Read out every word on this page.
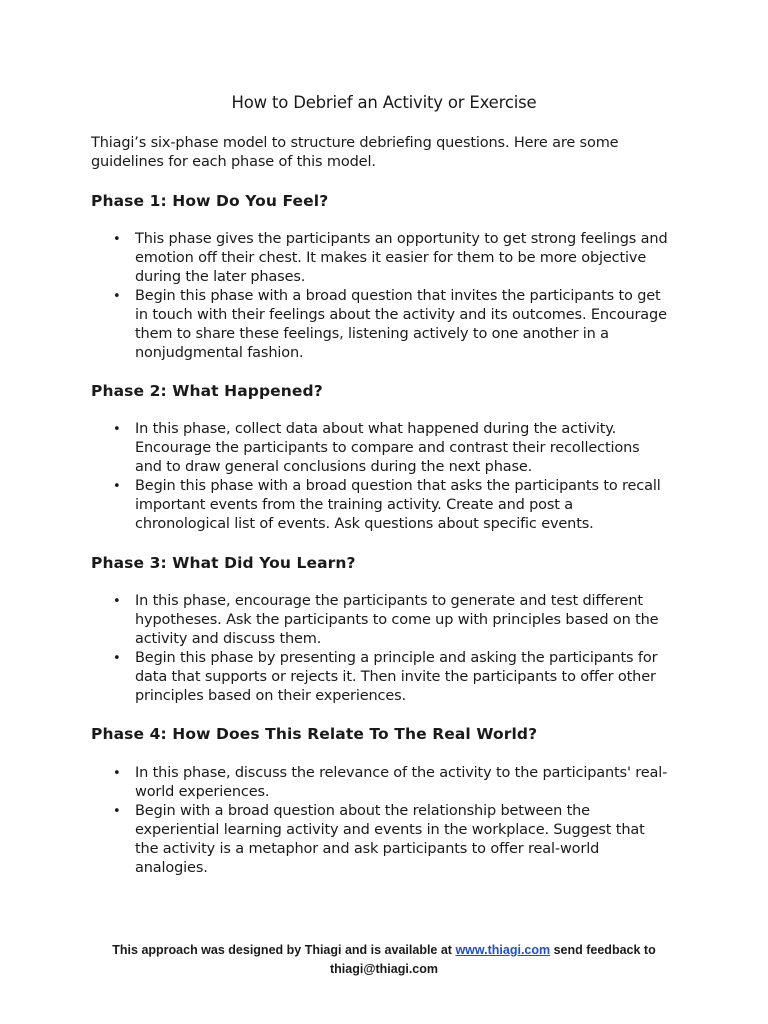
How to Debrief an Activity or Exercise
Thiagi’s six-phase model to structure debriefing questions. Here are some
guidelines for each phase of this model.
Phase 1: How Do You Feel?
• This phase gives the participants an opportunity to get strong feelings and
emotion off their chest. It makes it easier for them to be more objective
during the later phases.
• Begin this phase with a broad question that invites the participants to get
in touch with their feelings about the activity and its outcomes. Encourage
them to share these feelings, listening actively to one another in a
nonjudgmental fashion.
Phase 2: What Happened?
• In this phase, collect data about what happened during the activity.
Encourage the participants to compare and contrast their recollections
and to draw general conclusions during the next phase.
• Begin this phase with a broad question that asks the participants to recall
important events from the training activity. Create and post a
chronological list of events. Ask questions about specific events.
Phase 3: What Did You Learn?
• In this phase, encourage the participants to generate and test different
hypotheses. Ask the participants to come up with principles based on the
activity and discuss them.
• Begin this phase by presenting a principle and asking the participants for
data that supports or rejects it. Then invite the participants to offer other
principles based on their experiences.
Phase 4: How Does This Relate To The Real World?
• In this phase, discuss the relevance of the activity to the participants' real-
world experiences.
• Begin with a broad question about the relationship between the
experiential learning activity and events in the workplace. Suggest that
the activity is a metaphor and ask participants to offer real-world
analogies.
This approach was designed by Thiagi and is available at www.thiagi.com send feedback to
thiagi@thiagi.com
